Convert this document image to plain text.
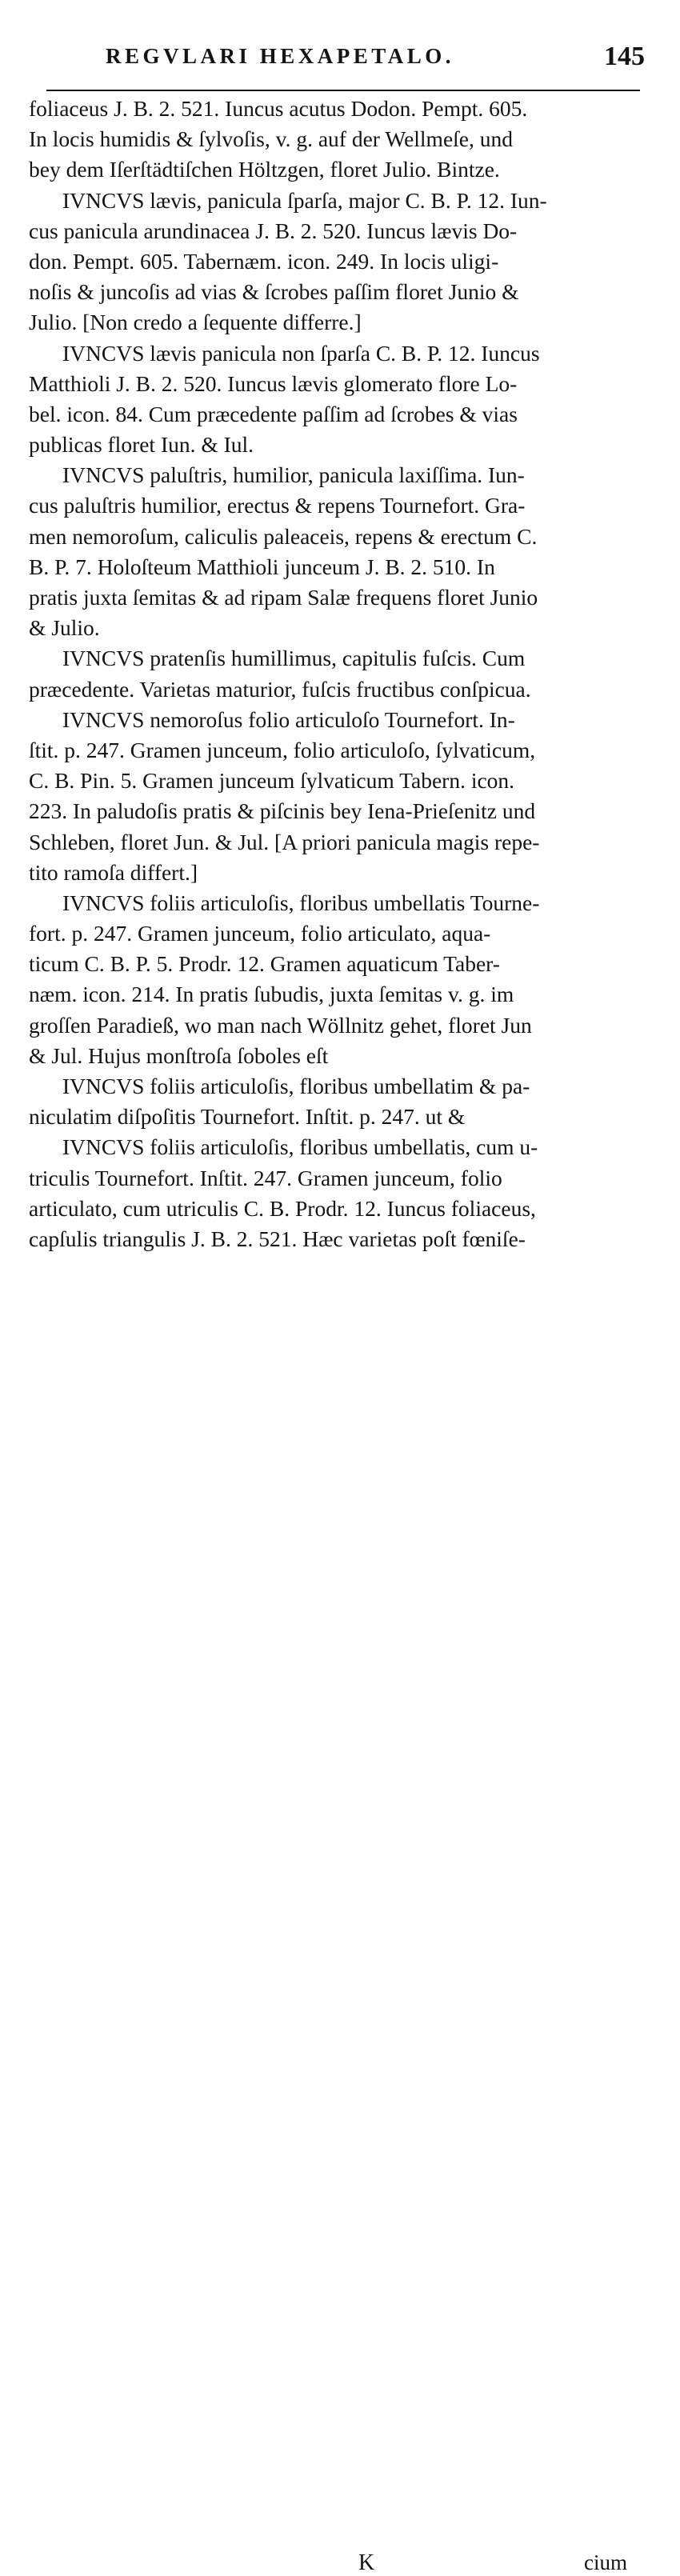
REGVLARI HEXAPETALO.	145
foliaceus J. B. 2. 521. Iuncus acutus Dodon. Pempt. 605.
In locis humidis & ſylvoſis, v. g. auf der Wellmeſe, und
bey dem Iſerſtädtiſchen Höltzgen, floret Julio. Bintze.
IVNCVS lævis, panicula ſparſa, major C. B. P. 12. Iun-
cus panicula arundinacea J. B. 2. 520. Iuncus lævis Do-
don. Pempt. 605. Tabernæm. icon. 249. In locis uligi-
noſis & juncoſis ad vias & ſcrobes paſſim floret Junio &
Julio. [Non credo a ſequente differre.]
IVNCVS lævis panicula non ſparſa C. B. P. 12. Iuncus
Matthioli J. B. 2. 520. Iuncus lævis glomerato flore Lo-
bel. icon. 84. Cum præcedente paſſim ad ſcrobes & vias
publicas floret Iun. & Iul.
IVNCVS paluſtris, humilior, panicula laxiſſima. Iun-
cus paluſtris humilior, erectus & repens Tournefort. Gra-
men nemoroſum, caliculis paleaceis, repens & erectum C.
B. P. 7. Holoſteum Matthioli junceum J. B. 2. 510. In
pratis juxta ſemitas & ad ripam Salæ frequens floret Junio
& Julio.
IVNCVS pratenſis humillimus, capitulis fuſcis. Cum
præcedente. Varietas maturior, fuſcis fructibus conſpicua.
IVNCVS nemoroſus folio articuloſo Tournefort. In-
ſtit. p. 247. Gramen junceum, folio articuloſo, ſylvaticum,
C. B. Pin. 5. Gramen junceum ſylvaticum Tabern. icon.
223. In paludoſis pratis & piſcinis bey Iena-Prieſenitz und
Schleben, floret Jun. & Jul. [A priori panicula magis repe-
tito ramoſa differt.]
IVNCVS foliis articuloſis, floribus umbellatis Tourne-
fort. p. 247. Gramen junceum, folio articulato, aqua-
ticum C. B. P. 5. Prodr. 12. Gramen aquaticum Taber-
næm. icon. 214. In pratis ſubudis, juxta ſemitas v. g. im
groſſen Paradieß, wo man nach Wöllnitz gehet, floret Jun
& Jul. Hujus monſtroſa ſoboles eſt
IVNCVS foliis articuloſis, floribus umbellatim & pa-
niculatim diſpoſitis Tournefort. Inſtit. p. 247. ut &
IVNCVS foliis articuloſis, floribus umbellatis, cum u-
triculis Tournefort. Inſtit. 247. Gramen junceum, folio
articulato, cum utriculis C. B. Prodr. 12. Iuncus foliaceus,
capſulis triangulis J. B. 2. 521. Hæc varietas poſt fœniſe-
K	cium
